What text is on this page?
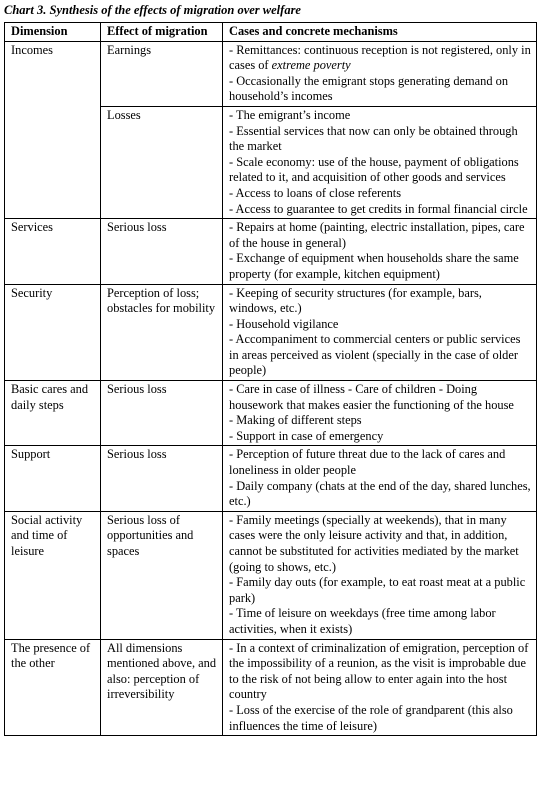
Chart 3. Synthesis of the effects of migration over welfare
Dimension	Effect of migration	Cases and concrete mechanisms
Incomes	Earnings	- Remittances: continuous reception is not registered, only in cases of extreme poverty
- Occasionally the emigrant stops generating demand on household’s incomes

	Losses	- The emigrant’s income
- Essential services that now can only be obtained through the market
- Scale economy: use of the house, payment of obligations related to it, and acquisition of other goods and services
- Access to loans of close referents
- Access to guarantee to get credits in formal financial circle

Services	Serious loss	- Repairs at home (painting, electric installation, pipes, care of the house in general)
- Exchange of equipment when households share the same property (for example, kitchen equipment)

Security	Perception of loss; obstacles for mobility	- Keeping of security structures (for example, bars, windows, etc.)
- Household vigilance
- Accompaniment to commercial centers or public services in areas perceived as violent (specially in the case of older people)

Basic cares and daily steps	Serious loss	- Care in case of illness - Care of children - Doing housework that makes easier the functioning of the house
- Making of different steps
- Support in case of emergency

Support	Serious loss	- Perception of future threat due to the lack of cares and loneliness in older people
- Daily company (chats at the end of the day, shared lunches, etc.)

Social activity and time of leisure	Serious loss of opportunities and spaces	- Family meetings (specially at weekends), that in many cases were the only leisure activity and that, in addition, cannot be substituted for activities mediated by the market (going to shows, etc.)
- Family day outs (for example, to eat roast meat at a public park)
- Time of leisure on weekdays (free time among labor activities, when it exists)

The presence of the other	All dimensions mentioned above, and also: perception of irreversibility	- In a context of criminalization of emigration, perception of the impossibility of a reunion, as the visit is improbable due to the risk of not being allow to enter again into the host country
- Loss of the exercise of the role of grandparent (this also influences the time of leisure)
